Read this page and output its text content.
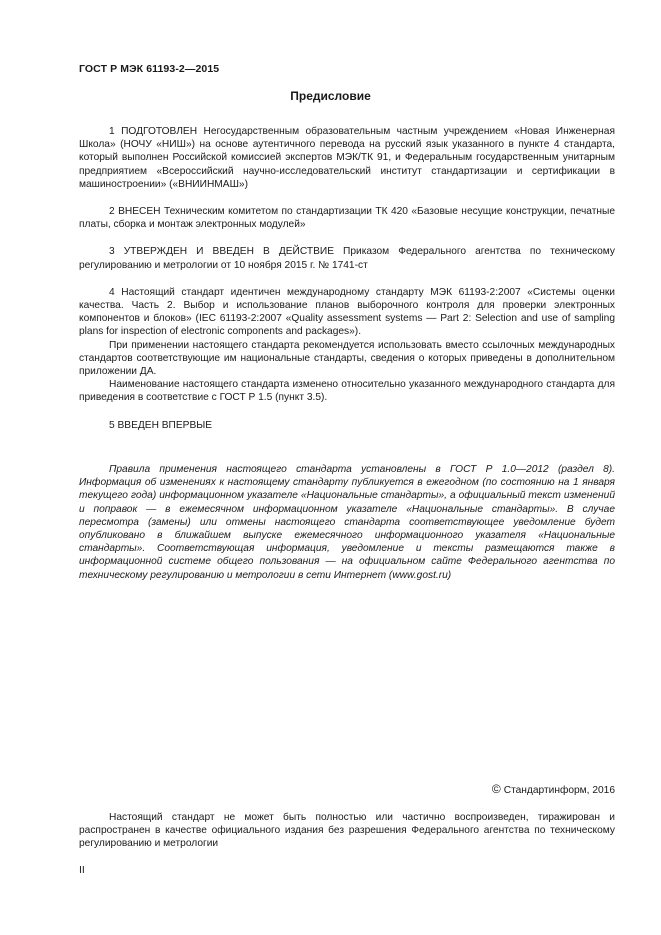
ГОСТ Р МЭК 61193-2—2015
Предисловие

1 ПОДГОТОВЛЕН Негосударственным образовательным частным учреждением «Новая Инженерная Школа» (НОЧУ «НИШ») на основе аутентичного перевода на русский язык указанного в пункте 4 стандарта, который выполнен Российской комиссией экспертов МЭК/ТК 91, и Федеральным государственным унитарным предприятием «Всероссийский научно-исследовательский институт стандартизации и сертификации в машиностроении» («ВНИИНМАШ»)

2 ВНЕСЕН Техническим комитетом по стандартизации ТК 420 «Базовые несущие конструкции, печатные платы, сборка и монтаж электронных модулей»

3 УТВЕРЖДЕН И ВВЕДЕН В ДЕЙСТВИЕ Приказом Федерального агентства по техническому регулированию и метрологии от 10 ноября 2015 г. № 1741-ст

4 Настоящий стандарт идентичен международному стандарту МЭК 61193-2:2007 «Системы оценки качества. Часть 2. Выбор и использование планов выборочного контроля для проверки электронных компонентов и блоков» (IEC 61193-2:2007 «Quality assessment systems — Part 2: Selection and use of sampling plans for inspection of electronic components and packages»).

При применении настоящего стандарта рекомендуется использовать вместо ссылочных международных стандартов соответствующие им национальные стандарты, сведения о которых приведены в дополнительном приложении ДА.

Наименование настоящего стандарта изменено относительно указанного международного стандарта для приведения в соответствие с ГОСТ Р 1.5 (пункт 3.5).

5 ВВЕДЕН ВПЕРВЫЕ

Правила применения настоящего стандарта установлены в ГОСТ Р 1.0—2012 (раздел 8). Информация об изменениях к настоящему стандарту публикуется в ежегодном (по состоянию на 1 января текущего года) информационном указателе «Национальные стандарты», а официальный текст изменений и поправок — в ежемесячном информационном указателе «Национальные стандарты». В случае пересмотра (замены) или отмены настоящего стандарта соответствующее уведомление будет опубликовано в ближайшем выпуске ежемесячного информационного указателя «Национальные стандарты». Соответствующая информация, уведомление и тексты размещаются также в информационной системе общего пользования — на официальном сайте Федерального агентства по техническому регулированию и метрологии в сети Интернет (www.gost.ru)

© Стандартинформ, 2016

Настоящий стандарт не может быть полностью или частично воспроизведен, тиражирован и распространен в качестве официального издания без разрешения Федерального агентства по техническому регулированию и метрологии

II
